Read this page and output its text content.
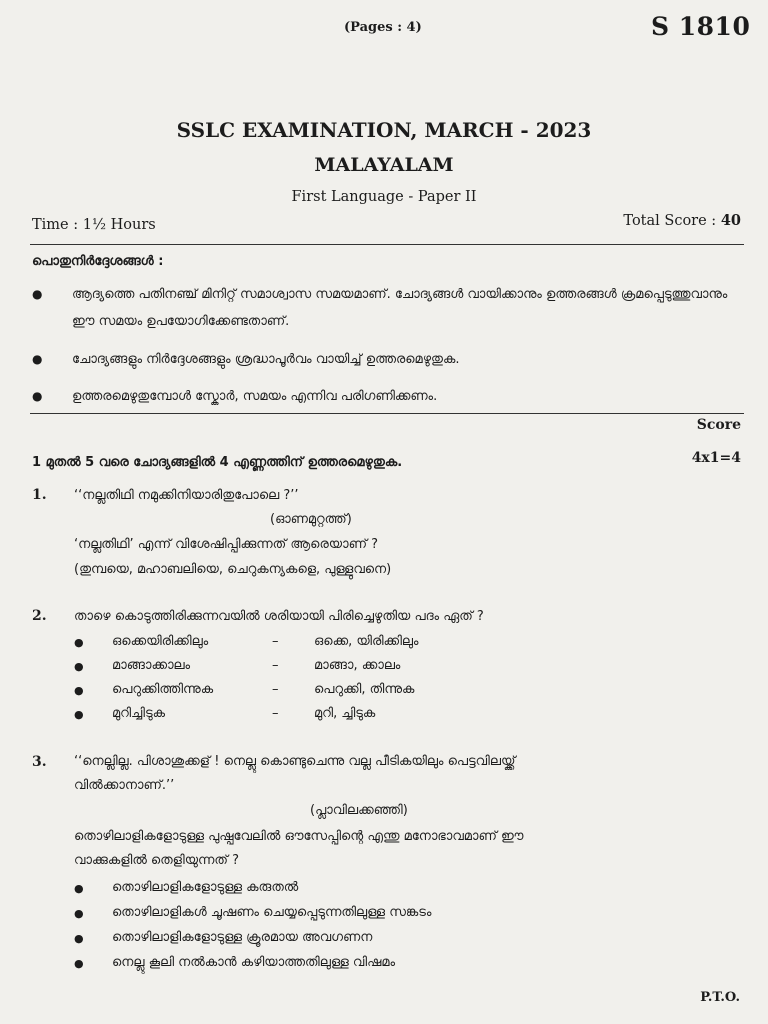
(Pages : 4)	S 1810
SSLC EXAMINATION, MARCH - 2023
MALAYALAM
First Language - Paper II
Time : 1½ Hours	Total Score : 40
പൊതുനിർദ്ദേശങ്ങൾ :
● ആദ്യത്തെ പതിനഞ്ച് മിനിറ്റ് സമാശ്വാസ സമയമാണ്. ചോദ്യങ്ങൾ വായിക്കാനും ഉത്തരങ്ങൾ ക്രമപ്പെടുത്തുവാനും ഈ സമയം ഉപയോഗിക്കേണ്ടതാണ്.
● ചോദ്യങ്ങളും നിർദ്ദേശങ്ങളും ശ്രദ്ധാപൂർവം വായിച്ച് ഉത്തരമെഴുതുക.
● ഉത്തരമെഴുതുമ്പോൾ സ്കോർ, സമയം എന്നിവ പരിഗണിക്കണം.
Score
1 മുതൽ 5 വരെ ചോദ്യങ്ങളിൽ 4 എണ്ണത്തിന് ഉത്തരമെഴുതുക.	4x1=4
1. ‘‘നല്ലതിഥി നമുക്കിനിയാരിതുപോലെ ?’’
(ഓണമുറ്റത്ത്)
‘നല്ലതിഥി’ എന്ന് വിശേഷിപ്പിക്കുന്നത് ആരെയാണ് ?
(തുമ്പയെ, മഹാബലിയെ, ചെറുകന്യകളെ, പുള്ളുവനെ)
2. താഴെ കൊടുത്തിരിക്കുന്നവയിൽ ശരിയായി പിരിച്ചെഴുതിയ പദം ഏത് ?
● ഒക്കെയിരിക്കിലും	–	ഒക്കെ, യിരിക്കിലും
● മാങ്ങാക്കാലം	–	മാങ്ങാ, ക്കാലം
● പെറുക്കിത്തിന്നുക	–	പെറുക്കി, തിന്നുക
● മുറിച്ചിടുക	–	മുറി, ച്ചിടുക
3. ‘‘നെല്ലില്ല. പിശാശുക്കള് ! നെല്ലു കൊണ്ടുചെന്നു വല്ല പീടികയിലും പെട്ടവിലയ്ക്ക്
വിൽക്കാനാണ്.’’
(പ്ലാവിലക്കഞ്ഞി)
തൊഴിലാളികളോടുള്ള പുഷ്പവേലിൽ ഔസേപ്പിന്റെ എന്തു മനോഭാവമാണ് ഈ
വാക്കുകളിൽ തെളിയുന്നത് ?
● തൊഴിലാളികളോടുള്ള കരുതൽ
● തൊഴിലാളികൾ ചൂഷണം ചെയ്യപ്പെടുന്നതിലുള്ള സങ്കടം
● തൊഴിലാളികളോടുള്ള ക്രൂരമായ അവഗണന
● നെല്ലു കൂലി നൽകാൻ കഴിയാത്തതിലുള്ള വിഷമം
P.T.O.
